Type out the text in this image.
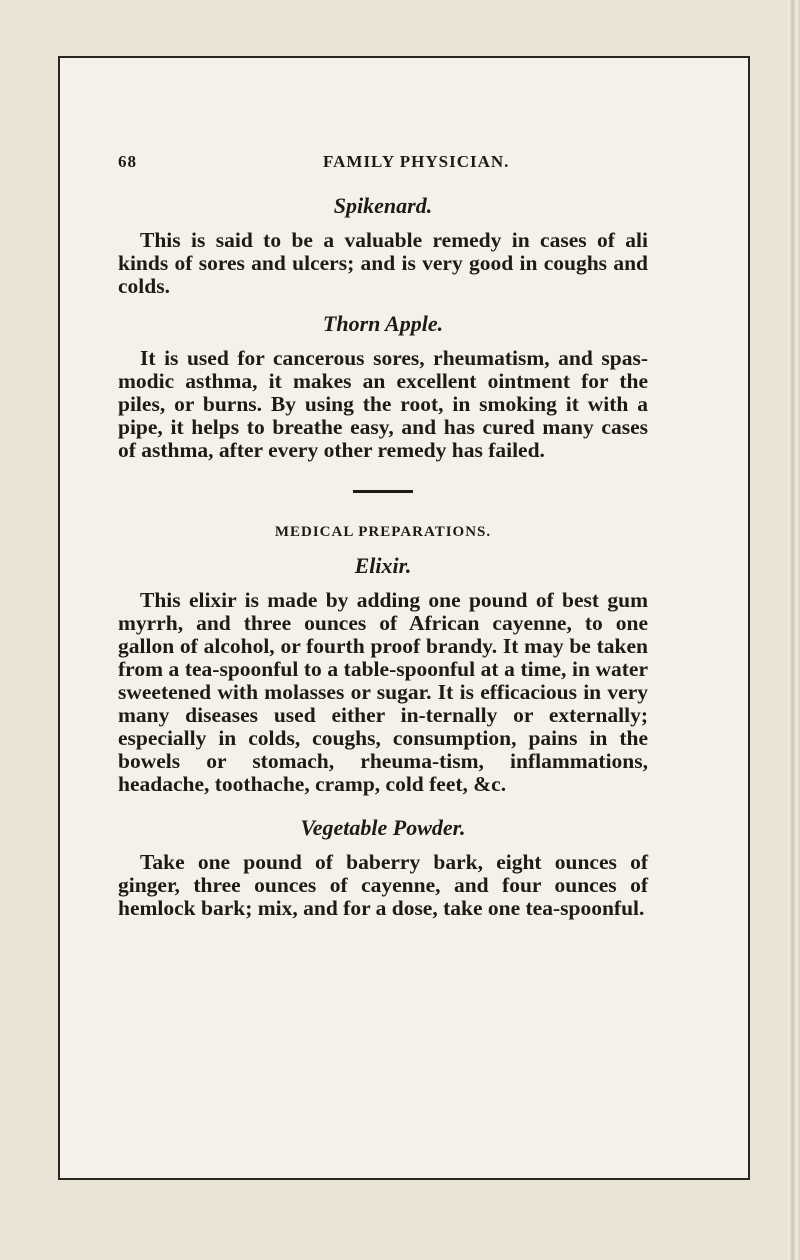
68	FAMILY PHYSICIAN.
Spikenard.

This is said to be a valuable remedy in cases of ali kinds of sores and ulcers; and is very good in coughs and colds.

Thorn Apple.

It is used for cancerous sores, rheumatism, and spas-modic asthma, it makes an excellent ointment for the piles, or burns. By using the root, in smoking it with a pipe, it helps to breathe easy, and has cured many cases of asthma, after every other remedy has failed.

MEDICAL PREPARATIONS.
Elixir.

This elixir is made by adding one pound of best gum myrrh, and three ounces of African cayenne, to one gallon of alcohol, or fourth proof brandy. It may be taken from a tea-spoonful to a table-spoonful at a time, in water sweetened with molasses or sugar. It is efficacious in very many diseases used either in-ternally or externally; especially in colds, coughs, consumption, pains in the bowels or stomach, rheuma-tism, inflammations, headache, toothache, cramp, cold feet, &c.

Vegetable Powder.

Take one pound of baberry bark, eight ounces of ginger, three ounces of cayenne, and four ounces of hemlock bark; mix, and for a dose, take one tea-spoonful.
